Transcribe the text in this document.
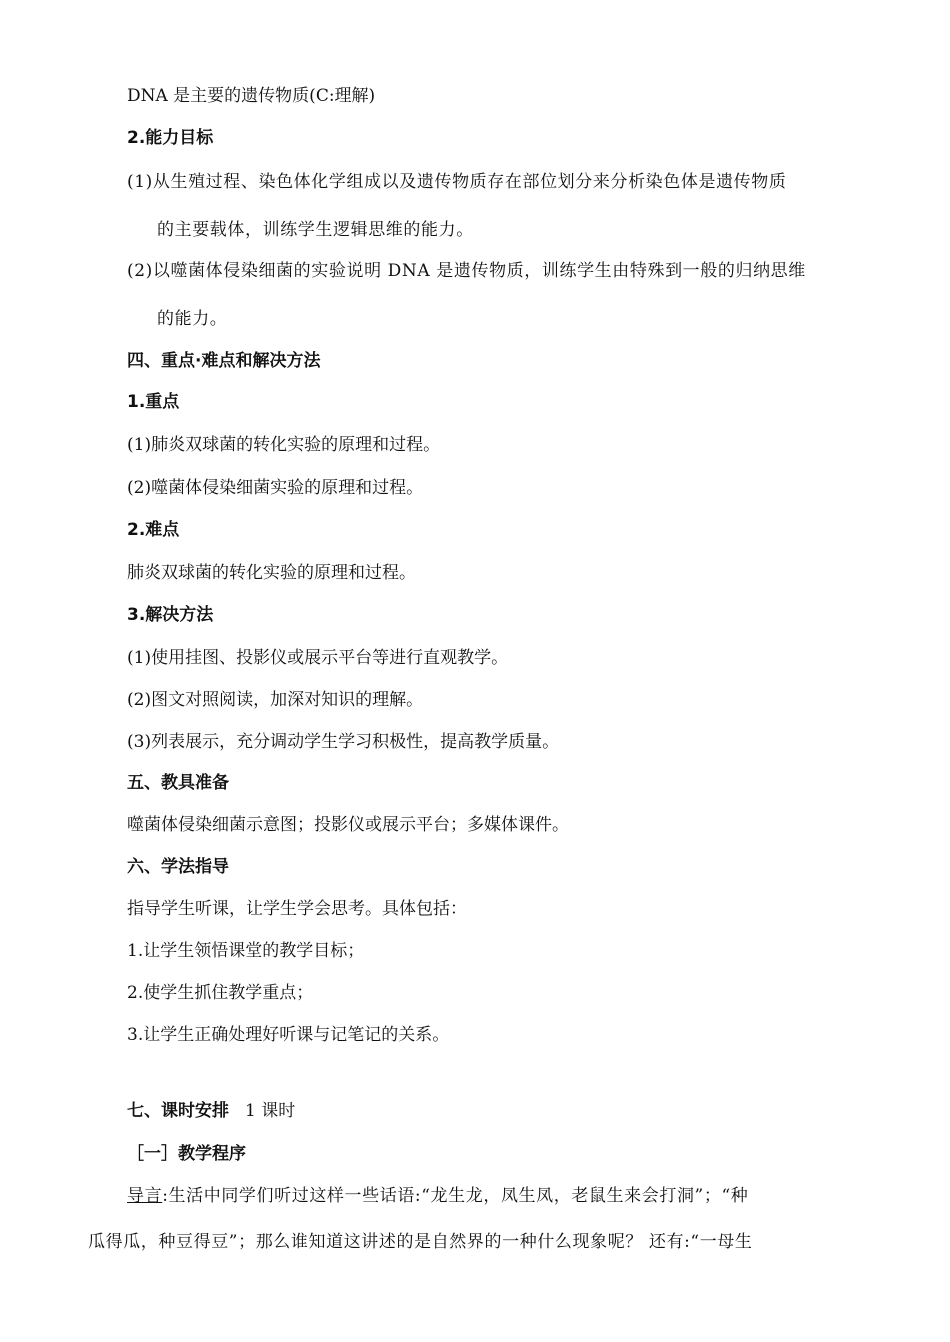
DNA 是主要的遗传物质(C:理解)
2.能力目标
(1)从生殖过程、染色体化学组成以及遗传物质存在部位划分来分析染色体是遗传物质
的主要载体，训练学生逻辑思维的能力。
(2)以噬菌体侵染细菌的实验说明 DNA 是遗传物质，训练学生由特殊到一般的归纳思维
的能力。
四、重点·难点和解决方法
1.重点
(1)肺炎双球菌的转化实验的原理和过程。
(2)噬菌体侵染细菌实验的原理和过程。
2.难点
肺炎双球菌的转化实验的原理和过程。
3.解决方法
(1)使用挂图、投影仪或展示平台等进行直观教学。
(2)图文对照阅读，加深对知识的理解。
(3)列表展示，充分调动学生学习积极性，提高教学质量。
五、教具准备
噬菌体侵染细菌示意图；投影仪或展示平台；多媒体课件。
六、学法指导
指导学生听课，让学生学会思考。具体包括：
1.让学生领悟课堂的教学目标；
2.使学生抓住教学重点；
3.让学生正确处理好听课与记笔记的关系。
七、课时安排 1 课时
［一］教学程序
导言:生活中同学们听过这样一些话语:“龙生龙，凤生凤，老鼠生来会打洞”；“种
瓜得瓜，种豆得豆”；那么谁知道这讲述的是自然界的一种什么现象呢？ 还有:“一母生
